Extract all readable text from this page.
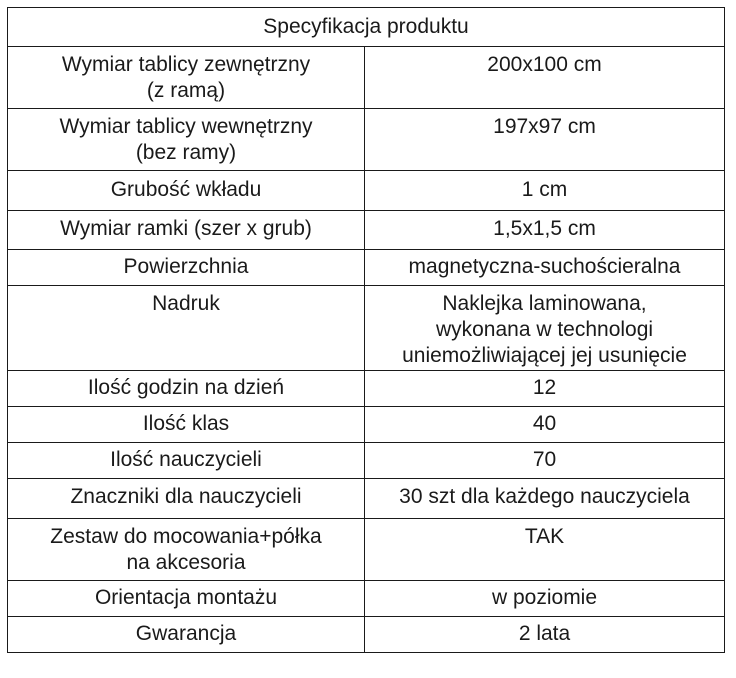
Specyfikacja produktu	
Wymiar tablicy zewnętrzny
(z ramą)	200x100 cm
Wymiar tablicy wewnętrzny
(bez ramy)	197x97 cm
Grubość wkładu	1 cm
Wymiar ramki (szer x grub)	1,5x1,5 cm
Powierzchnia	magnetyczna-suchościeralna
Nadruk	Naklejka laminowana,
wykonana w technologi
uniemożliwiającej jej usunięcie
Ilość godzin na dzień	12
Ilość klas	40
Ilość nauczycieli	70
Znaczniki dla nauczycieli	30 szt dla każdego nauczyciela
Zestaw do mocowania+półka
na akcesoria	TAK
Orientacja montażu	w poziomie
Gwarancja	2 lata
